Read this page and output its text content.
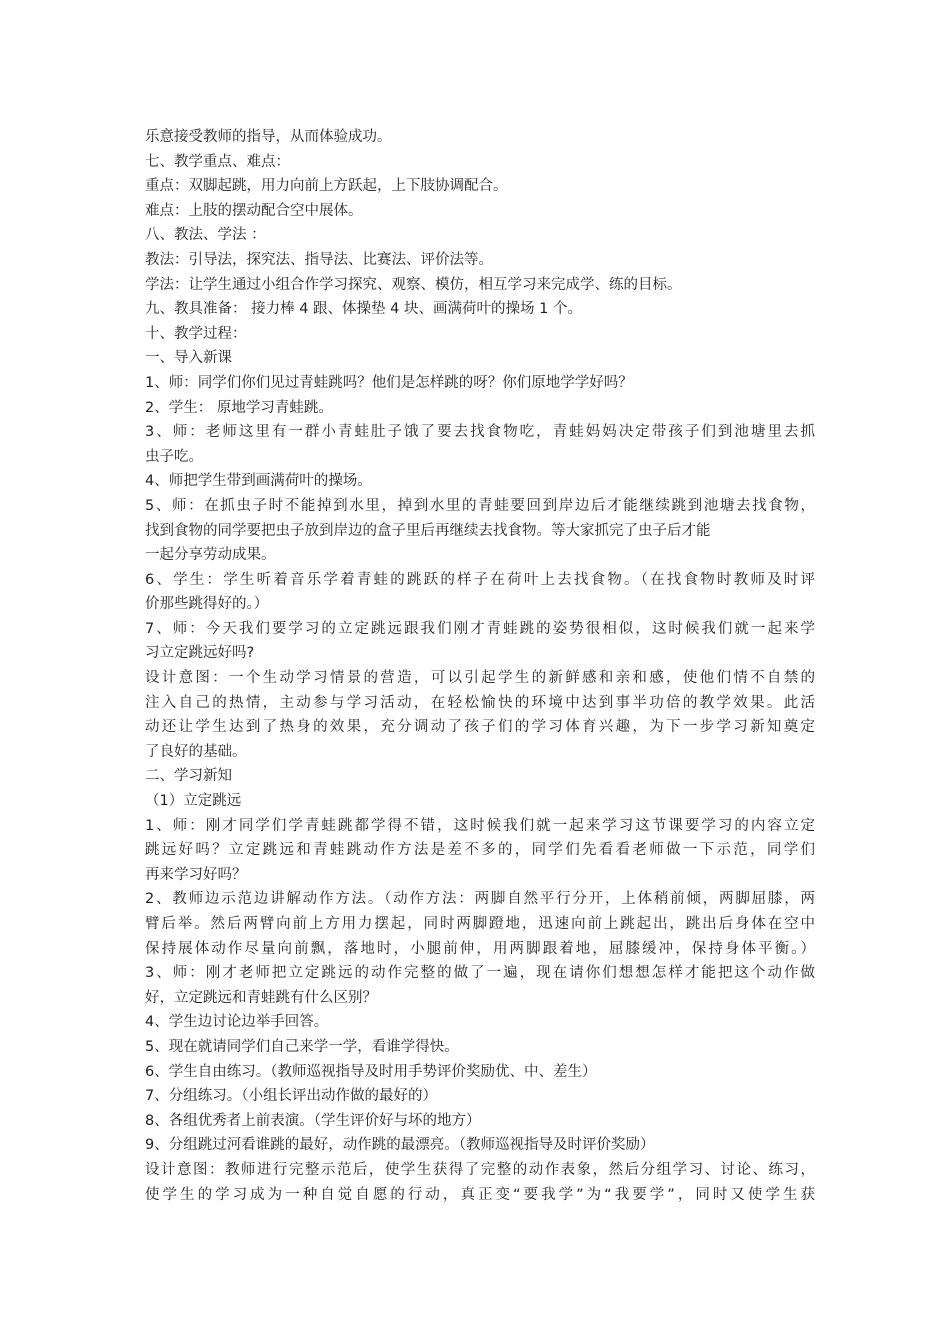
乐意接受教师的指导，从而体验成功。
七、教学重点、难点：
重点：双脚起跳，用力向前上方跃起，上下肢协调配合。
难点：上肢的摆动配合空中展体。
八、教法、学法 ：
教法：引导法，探究法、指导法、比赛法、评价法等。
学法：让学生通过小组合作学习探究、观察、模仿，相互学习来完成学、练的目标。
九、教具准备： 接力棒 4 跟、体操垫 4 块、画满荷叶的操场 1 个。
十、教学过程：
一、导入新课
1、师：同学们你们见过青蛙跳吗？他们是怎样跳的呀？你们原地学学好吗？
2、学生： 原地学习青蛙跳。
3、师：老师这里有一群小青蛙肚子饿了要去找食物吃，青蛙妈妈决定带孩子们到池塘里去抓
虫子吃。
4、师把学生带到画满荷叶的操场。
5、师：在抓虫子时不能掉到水里，掉到水里的青蛙要回到岸边后才能继续跳到池塘去找食物，
找到食物的同学要把虫子放到岸边的盒子里后再继续去找食物。等大家抓完了虫子后才能
一起分享劳动成果。
6、学生：学生听着音乐学着青蛙的跳跃的样子在荷叶上去找食物。（在找食物时教师及时评
价那些跳得好的。）
7、师：今天我们要学习的立定跳远跟我们刚才青蛙跳的姿势很相似，这时候我们就一起来学
习立定跳远好吗?
设计意图：一个生动学习情景的营造，可以引起学生的新鲜感和亲和感，使他们情不自禁的
注入自己的热情，主动参与学习活动，在轻松愉快的环境中达到事半功倍的教学效果。此活
动还让学生达到了热身的效果，充分调动了孩子们的学习体育兴趣，为下一步学习新知奠定
了良好的基础。
二、学习新知
（1）立定跳远
1、师：刚才同学们学青蛙跳都学得不错，这时候我们就一起来学习这节课要学习的内容立定
跳远好吗？立定跳远和青蛙跳动作方法是差不多的，同学们先看看老师做一下示范，同学们
再来学习好吗？
2、教师边示范边讲解动作方法。（动作方法：两脚自然平行分开，上体稍前倾，两脚屈膝，两
臂后举。然后两臂向前上方用力摆起，同时两脚蹬地，迅速向前上跳起出，跳出后身体在空中
保持展体动作尽量向前飘，落地时，小腿前伸，用两脚跟着地，屈膝缓冲，保持身体平衡。）
3、师：刚才老师把立定跳远的动作完整的做了一遍，现在请你们想想怎样才能把这个动作做
好，立定跳远和青蛙跳有什么区别？
4、学生边讨论边举手回答。
5、现在就请同学们自己来学一学，看谁学得快。
6、学生自由练习。（教师巡视指导及时用手势评价奖励优、中、差生）
7、分组练习。（小组长评出动作做的最好的）
8、各组优秀者上前表演。（学生评价好与坏的地方）
9、分组跳过河看谁跳的最好，动作跳的最漂亮。（教师巡视指导及时评价奖励）
设计意图：教师进行完整示范后，使学生获得了完整的动作表象，然后分组学习、讨论、练习，
使学生的学习成为一种自觉自愿的行动，真正变“要我学”为“我要学”，同时又使学生获
